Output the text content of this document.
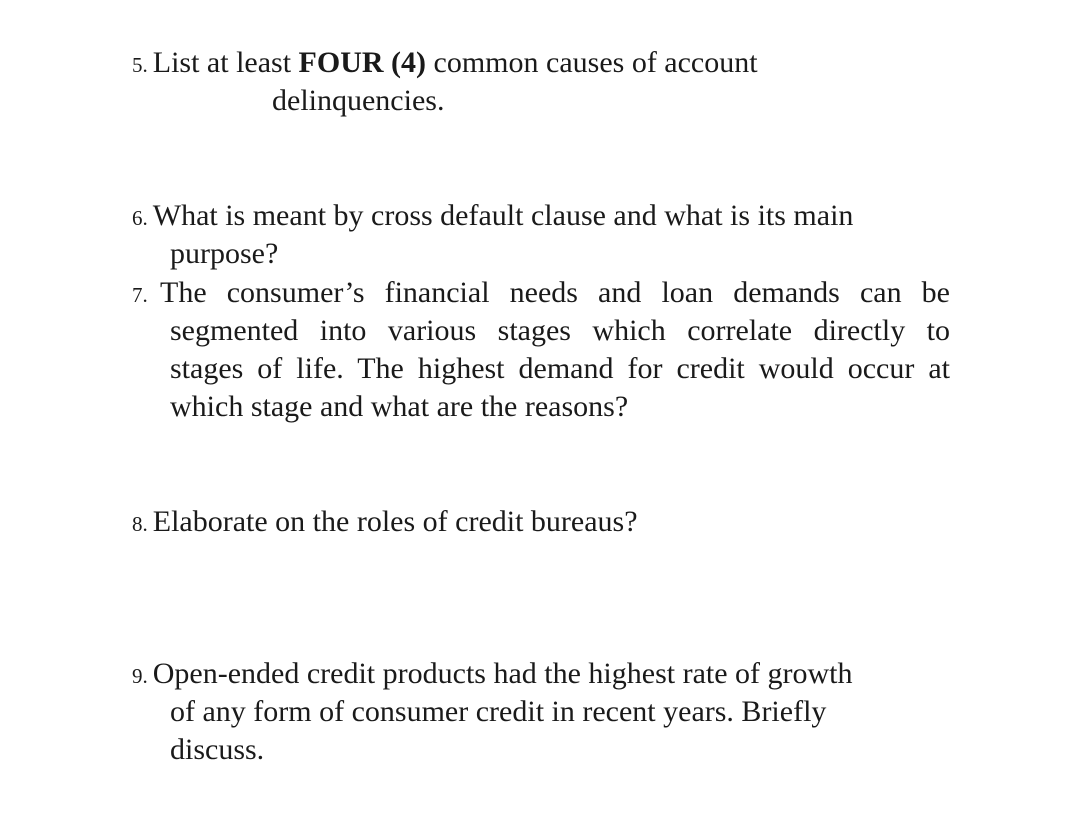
5. List at least FOUR (4) common causes of account
delinquencies.
6. What is meant by cross default clause and what is its main
purpose?
7. The consumer’s financial needs and loan demands can be
segmented into various stages which correlate directly to
stages of life. The highest demand for credit would occur at
which stage and what are the reasons?
8. Elaborate on the roles of credit bureaus?
9. Open-ended credit products had the highest rate of growth
of any form of consumer credit in recent years. Briefly
discuss.
